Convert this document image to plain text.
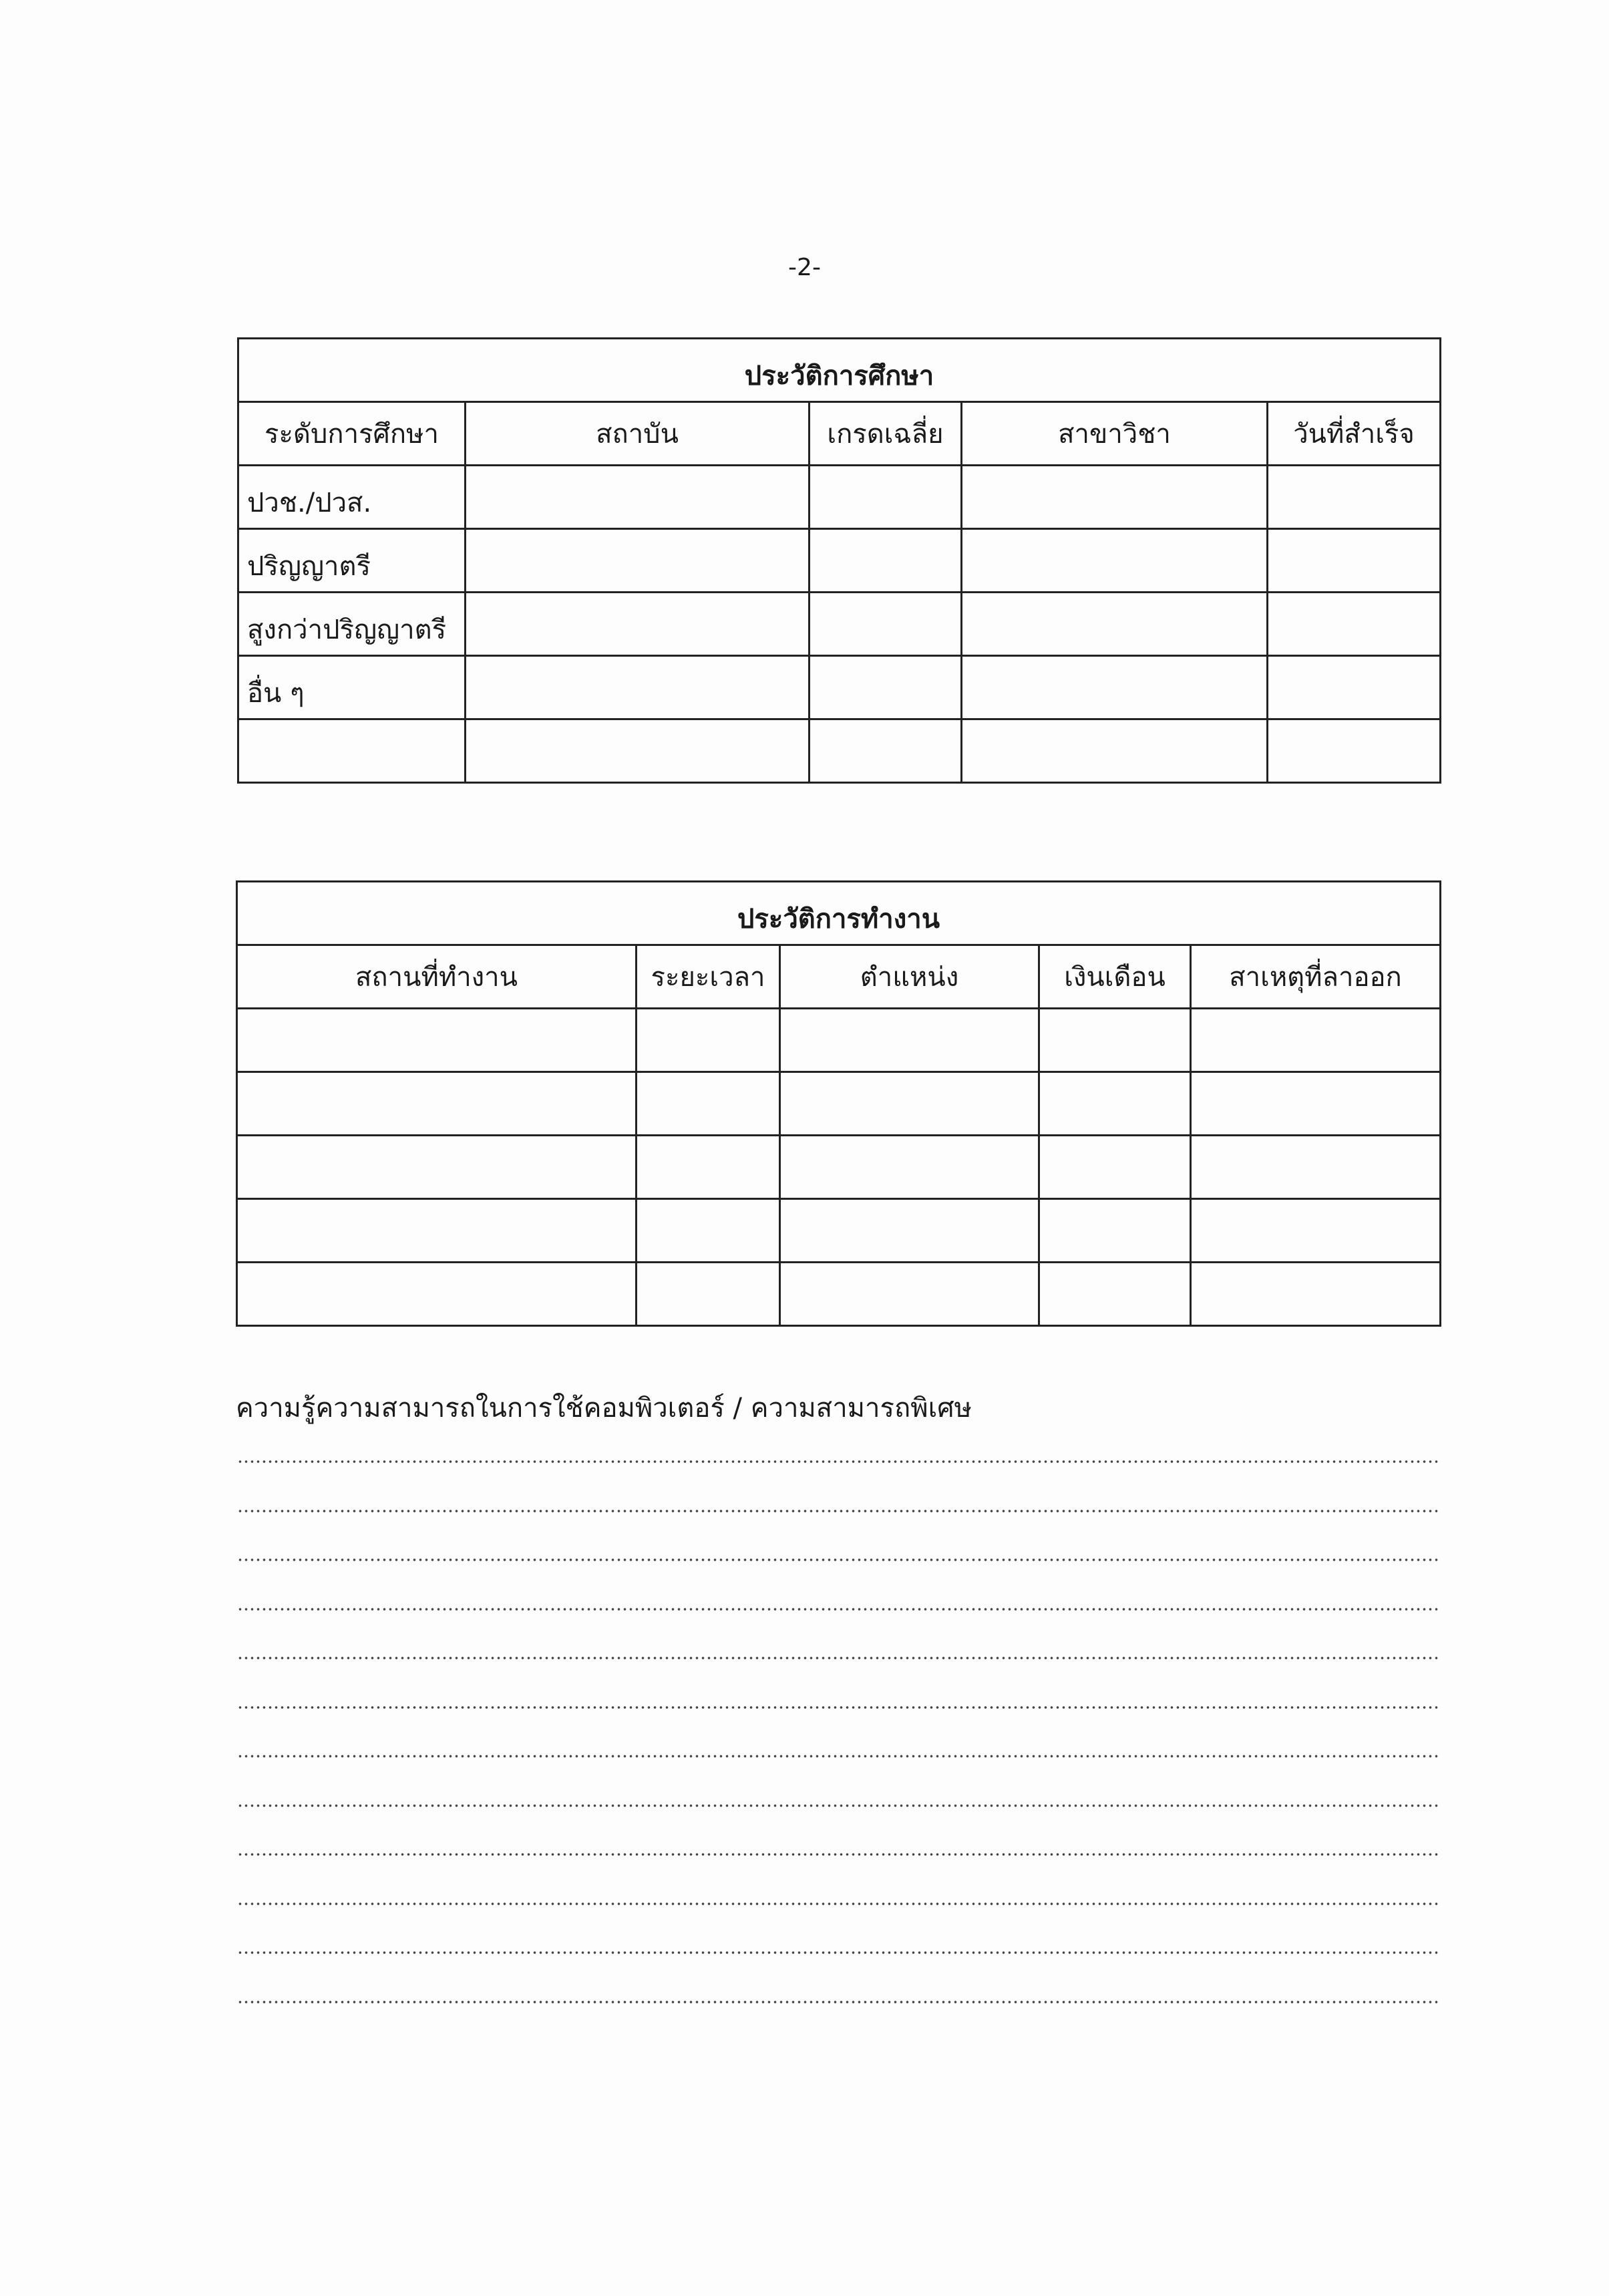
-2-
ประวัติการศึกษา				
ระดับการศึกษา	สถาบัน	เกรดเฉลี่ย	สาขาวิชา	วันที่สำเร็จ
ปวช./ปวส.				
ปริญญาตรี				
สูงกว่าปริญญาตรี				
อื่น ๆ				

ประวัติการทำงาน				
สถานที่ทำงาน	ระยะเวลา	ตำแหน่ง	เงินเดือน	สาเหตุที่ลาออก

ความรู้ความสามารถในการใช้คอมพิวเตอร์ / ความสามารถพิเศษ
